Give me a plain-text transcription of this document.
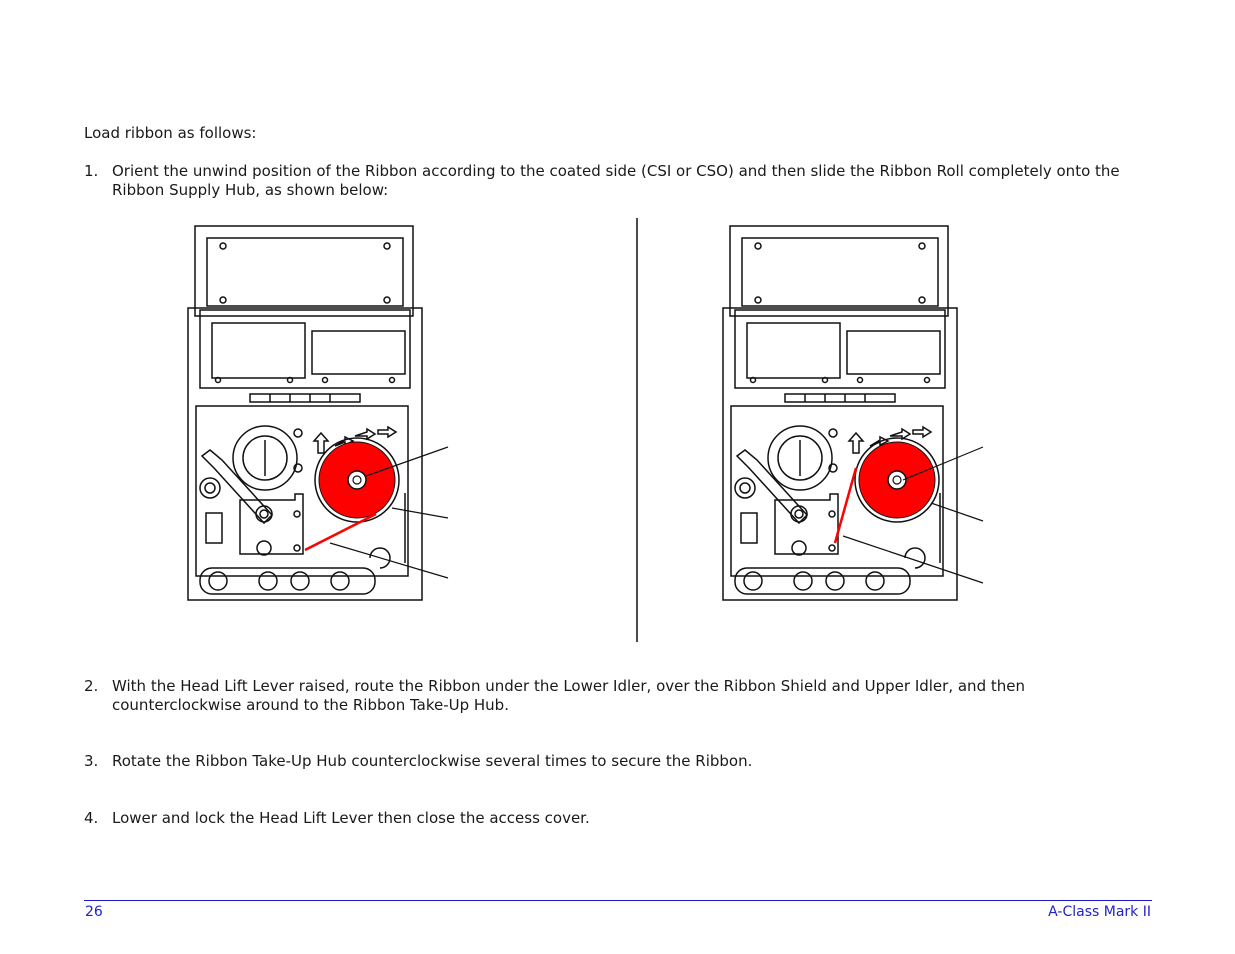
Load ribbon as follows:

1. Orient the unwind position of the Ribbon according to the coated side (CSI or CSO) and then slide the Ribbon Roll completely onto the Ribbon Supply Hub, as shown below:
2. With the Head Lift Lever raised, route the Ribbon under the Lower Idler, over the Ribbon Shield and Upper Idler, and then counterclockwise around to the Ribbon Take-Up Hub.
3. Rotate the Ribbon Take-Up Hub counterclockwise several times to secure the Ribbon.
4. Lower and lock the Head Lift Lever then close the access cover.
26	A-Class Mark II
